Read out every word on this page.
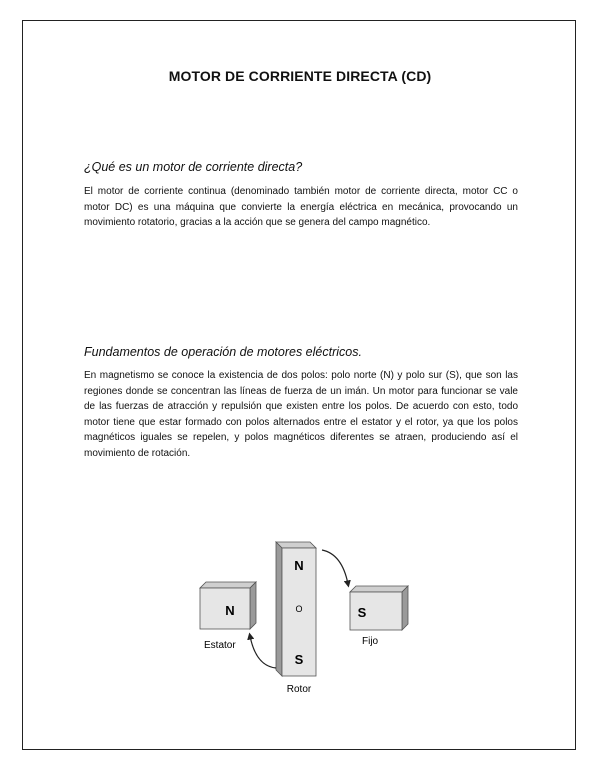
MOTOR DE CORRIENTE DIRECTA (CD)
¿Qué es un motor de corriente directa?

El motor de corriente continua (denominado también motor de corriente directa, motor CC o motor DC) es una máquina que convierte la energía eléctrica en mecánica, provocando un movimiento rotatorio, gracias a la acción que se genera del campo magnético.

Fundamentos de operación de motores eléctricos.

En magnetismo se conoce la existencia de dos polos: polo norte (N) y polo sur (S), que son las regiones donde se concentran las líneas de fuerza de un imán. Un motor para funcionar se vale de las fuerzas de atracción y repulsión que existen entre los polos. De acuerdo con esto, todo motor tiene que estar formado con polos alternados entre el estator y el rotor, ya que los polos magnéticos iguales se repelen, y polos magnéticos diferentes se atraen, produciendo así el movimiento de rotación.

N
Estator
N
O
S
Rotor
S
Fijo
